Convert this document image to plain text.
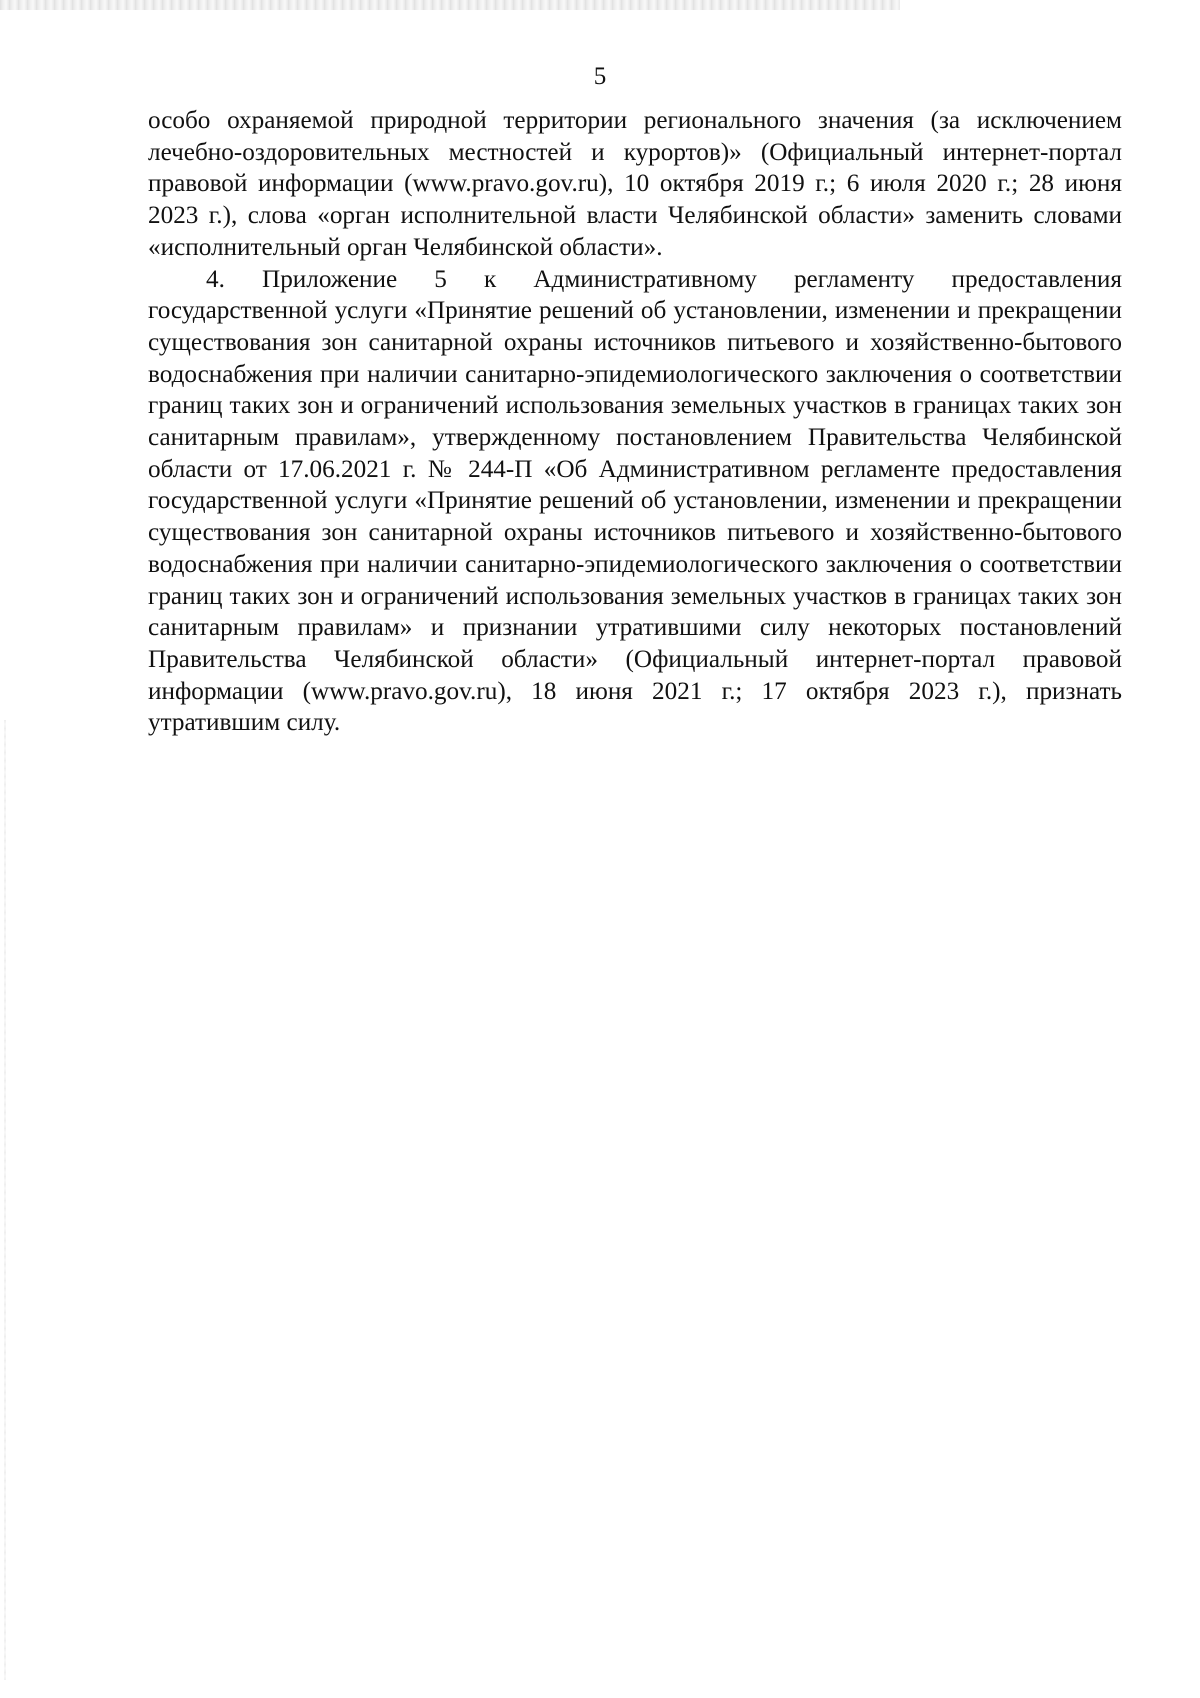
5

особо охраняемой природной территории регионального значения (за исключением лечебно-оздоровительных местностей и курортов)» (Официальный интернет-портал правовой информации (www.pravo.gov.ru), 10 октября 2019 г.; 6 июля 2020 г.; 28 июня 2023 г.), слова «орган исполнительной власти Челябинской области» заменить словами «исполнительный орган Челябинской области».

4. Приложение 5 к Административному регламенту предоставления государственной услуги «Принятие решений об установлении, изменении и прекращении существования зон санитарной охраны источников питьевого и хозяйственно-бытового водоснабжения при наличии санитарно-эпидемиологического заключения о соответствии границ таких зон и ограничений использования земельных участков в границах таких зон санитарным правилам», утвержденному постановлением Правительства Челябинской области от 17.06.2021 г. № 244-П «Об Административном регламенте предоставления государственной услуги «Принятие решений об установлении, изменении и прекращении существования зон санитарной охраны источников питьевого и хозяйственно-бытового водоснабжения при наличии санитарно-эпидемиологического заключения о соответствии границ таких зон и ограничений использования земельных участков в границах таких зон санитарным правилам» и признании утратившими силу некоторых постановлений Правительства Челябинской области» (Официальный интернет-портал правовой информации (www.pravo.gov.ru), 18 июня 2021 г.; 17 октября 2023 г.), признать утратившим силу.
